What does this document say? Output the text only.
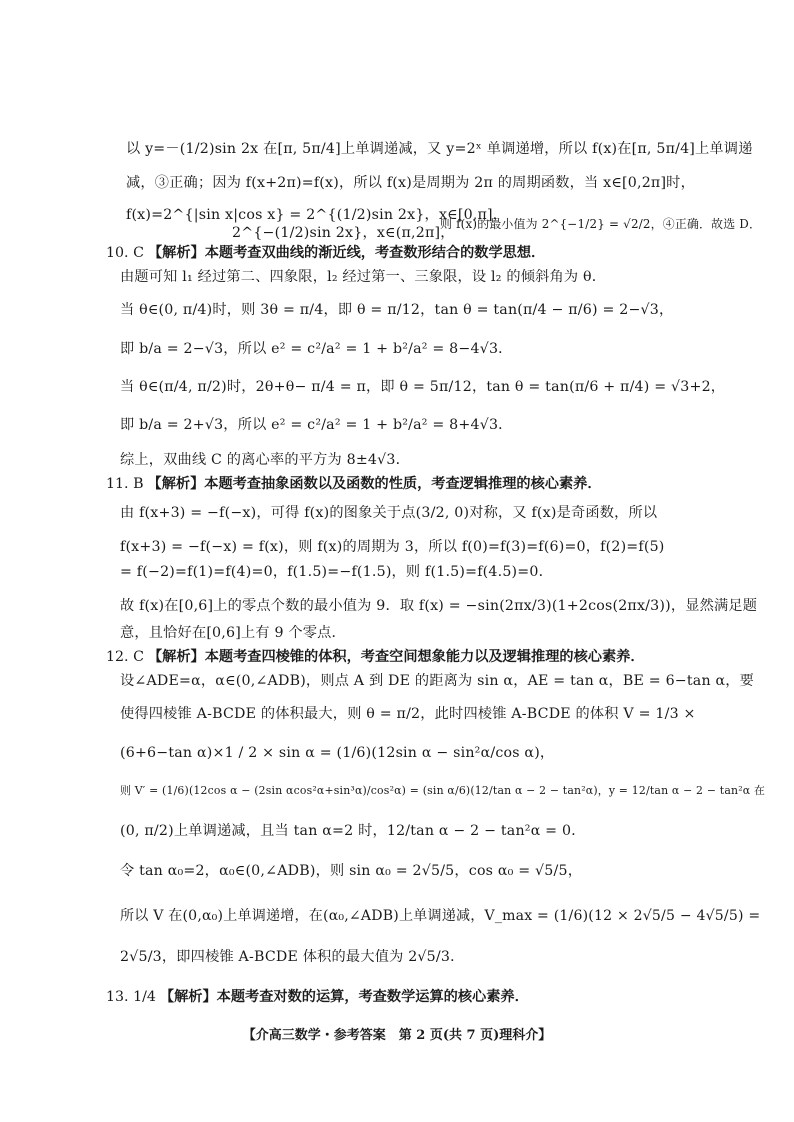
以 y=－(1/2)sin 2x 在[π, 5π/4]上单调递减，又 y=2ˣ 单调递增，所以 f(x)在[π, 5π/4]上单调递
减，③正确；因为 f(x+2π)=f(x)，所以 f(x)是周期为 2π 的周期函数，当 x∈[0,2π]时，
f(x)=2^{|sin x|cos x} = 2^{(1/2)sin 2x}，x∈[0,π]，
2^{−(1/2)sin 2x}，x∈(π,2π]，
则 f(x)的最小值为 2^{−1/2} = √2/2，④正确．故选 D．
10. C 【解析】本题考查双曲线的渐近线，考查数形结合的数学思想．
由题可知 l₁ 经过第二、四象限，l₂ 经过第一、三象限，设 l₂ 的倾斜角为 θ．
当 θ∈(0, π/4)时，则 3θ = π/4，即 θ = π/12，tan θ = tan(π/4 − π/6) = 2−√3，
即 b/a = 2−√3，所以 e² = c²/a² = 1 + b²/a² = 8−4√3．
当 θ∈(π/4, π/2)时，2θ+θ− π/4 = π，即 θ = 5π/12，tan θ = tan(π/6 + π/4) = √3+2，
即 b/a = 2+√3，所以 e² = c²/a² = 1 + b²/a² = 8+4√3．
综上，双曲线 C 的离心率的平方为 8±4√3．
11. B 【解析】本题考查抽象函数以及函数的性质，考查逻辑推理的核心素养．
由 f(x+3) = −f(−x)，可得 f(x)的图象关于点(3/2, 0)对称，又 f(x)是奇函数，所以
f(x+3) = −f(−x) = f(x)，则 f(x)的周期为 3，所以 f(0)=f(3)=f(6)=0，f(2)=f(5)
= f(−2)=f(1)=f(4)=0，f(1.5)=−f(1.5)，则 f(1.5)=f(4.5)=0．
故 f(x)在[0,6]上的零点个数的最小值为 9．取 f(x) = −sin(2πx/3)(1+2cos(2πx/3))，显然满足题
意，且恰好在[0,6]上有 9 个零点．
12. C 【解析】本题考查四棱锥的体积，考查空间想象能力以及逻辑推理的核心素养．
设∠ADE=α，α∈(0,∠ADB)，则点 A 到 DE 的距离为 sin α，AE = tan α，BE = 6−tan α，要
使得四棱锥 A-BCDE 的体积最大，则 θ = π/2，此时四棱锥 A-BCDE 的体积 V = 1/3 ×
(6+6−tan α)×1 / 2 × sin α = (1/6)(12sin α − sin²α/cos α)，
则 V′ = (1/6)(12cos α − (2sin αcos²α+sin³α)/cos²α) = (sin α/6)(12/tan α − 2 − tan²α)，y = 12/tan α − 2 − tan²α 在
(0, π/2)上单调递减，且当 tan α=2 时，12/tan α − 2 − tan²α = 0．
令 tan α₀=2，α₀∈(0,∠ADB)，则 sin α₀ = 2√5/5，cos α₀ = √5/5，
所以 V 在(0,α₀)上单调递增，在(α₀,∠ADB)上单调递减，V_max = (1/6)(12 × 2√5/5 − 4√5/5) =
2√5/3，即四棱锥 A-BCDE 体积的最大值为 2√5/3．
13. 1/4 【解析】本题考查对数的运算，考查数学运算的核心素养．
【介高三数学・参考答案　第 2 页(共 7 页)理科介】
